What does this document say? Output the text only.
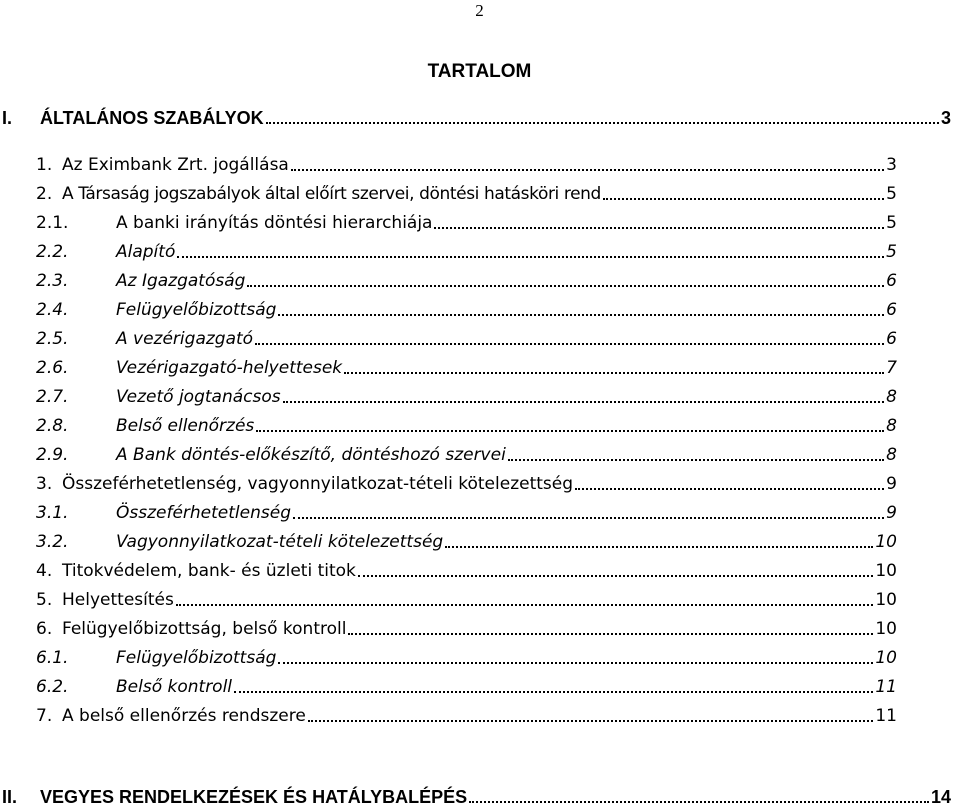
2
TARTALOM
I. ÁLTALÁNOS SZABÁLYOK	3
1. Az Eximbank Zrt. jogállása	3
2. A Társaság jogszabályok által előírt szervei, döntési hatásköri rend	5
2.1.	A banki irányítás döntési hierarchiája	5
2.2.	Alapító	5
2.3.	Az Igazgatóság	6
2.4.	Felügyelőbizottság	6
2.5.	A vezérigazgató	6
2.6.	Vezérigazgató-helyettesek	7
2.7.	Vezető jogtanácsos	8
2.8.	Belső ellenőrzés	8
2.9.	A Bank döntés-előkészítő, döntéshozó szervei	8
3. Összeférhetetlenség, vagyonnyilatkozat-tételi kötelezettség	9
3.1.	Összeférhetetlenség	9
3.2.	Vagyonnyilatkozat-tételi kötelezettség	10
4. Titokvédelem, bank- és üzleti titok	10
5. Helyettesítés	10
6. Felügyelőbizottság, belső kontroll	10
6.1.	Felügyelőbizottság	10
6.2.	Belső kontroll	11
7. A belső ellenőrzés rendszere	11
II. VEGYES RENDELKEZÉSEK ÉS HATÁLYBALÉPÉS	14
